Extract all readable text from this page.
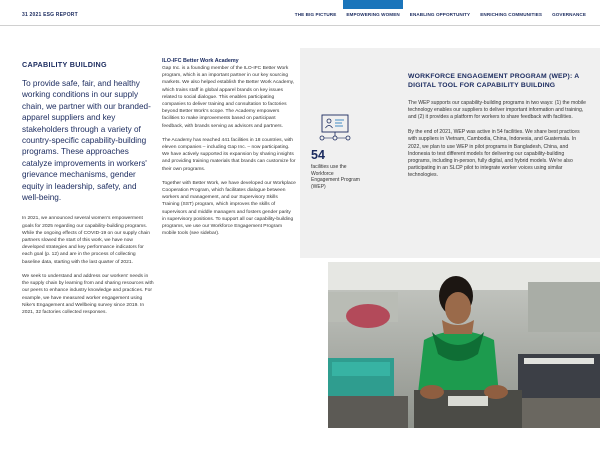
31 2021 ESG REPORT	THE BIG PICTURE EMPOWERING WOMEN ENABLING OPPORTUNITY ENRICHING COMMUNITIES GOVERNANCE
CAPABILITY BUILDING

To provide safe, fair, and healthy working conditions in our supply chain, we partner with our branded-apparel suppliers and key stakeholders through a variety of country-specific capability-building programs. These approaches catalyze improvements in workers' grievance mechanisms, gender equity in leadership, safety, and well-being.

In 2021, we announced several women's empowerment goals for 2025 regarding our capability-building programs. While the ongoing effects of COVID-19 on our supply chain partners slowed the start of this work, we have now developed strategies and key performance indicators for each goal (p. 12) and are in the process of collecting baseline data, starting with the last quarter of 2021.

We seek to understand and address our workers' needs in the supply chain by learning from and sharing resources with our peers to enhance industry knowledge and practices. For example, we have measured worker engagement using Nike's Engagement and Wellbeing survey since 2019. In 2021, 32 factories collected responses.

ILO-IFC Better Work Academy

Gap Inc. is a founding member of the ILO-IFC Better Work program, which is an important partner in our key sourcing markets. We also helped establish the Better Work Academy, which trains staff in global apparel brands on key issues related to social dialogue. This enables participating companies to deliver training and consultation to factories beyond Better Work's scope. The Academy empowers facilities to make improvements based on participant feedback, with brands serving as advisors and partners.

The Academy has reached 441 facilities in 18 countries, with eleven companies – including Gap Inc. – now participating. We have actively supported its expansion by sharing insights and providing training materials that brands can customize for their own programs.

Together with Better Work, we have developed our Workplace Cooperation Program, which facilitates dialogue between workers and management, and our Supervisory Skills Training (SST) program, which improves the skills of supervisors and middle managers and fosters gender parity in supervisory positions. To support all our capability-building programs, we use our Workforce Engagement Program mobile tools (see sidebar).

54
facilities use the Workforce Engagement Program (WEP)
WORKFORCE ENGAGEMENT PROGRAM (WEP): A DIGITAL TOOL FOR CAPABILITY BUILDING

The WEP supports our capability-building programs in two ways: (1) the mobile technology enables our suppliers to deliver important information and training, and (2) it provides a platform for workers to share feedback with facilities.

By the end of 2021, WEP was active in 54 facilities. We share best practices with suppliers in Vietnam, Cambodia, China, Indonesia, and Guatemala. In 2022, we plan to use WEP in pilot programs in Bangladesh, China, and Indonesia to test different models for delivering our capability-building programs, including in-person, fully digital, and hybrid models. We're also participating in an SLCP pilot to integrate worker voices using similar technologies.
